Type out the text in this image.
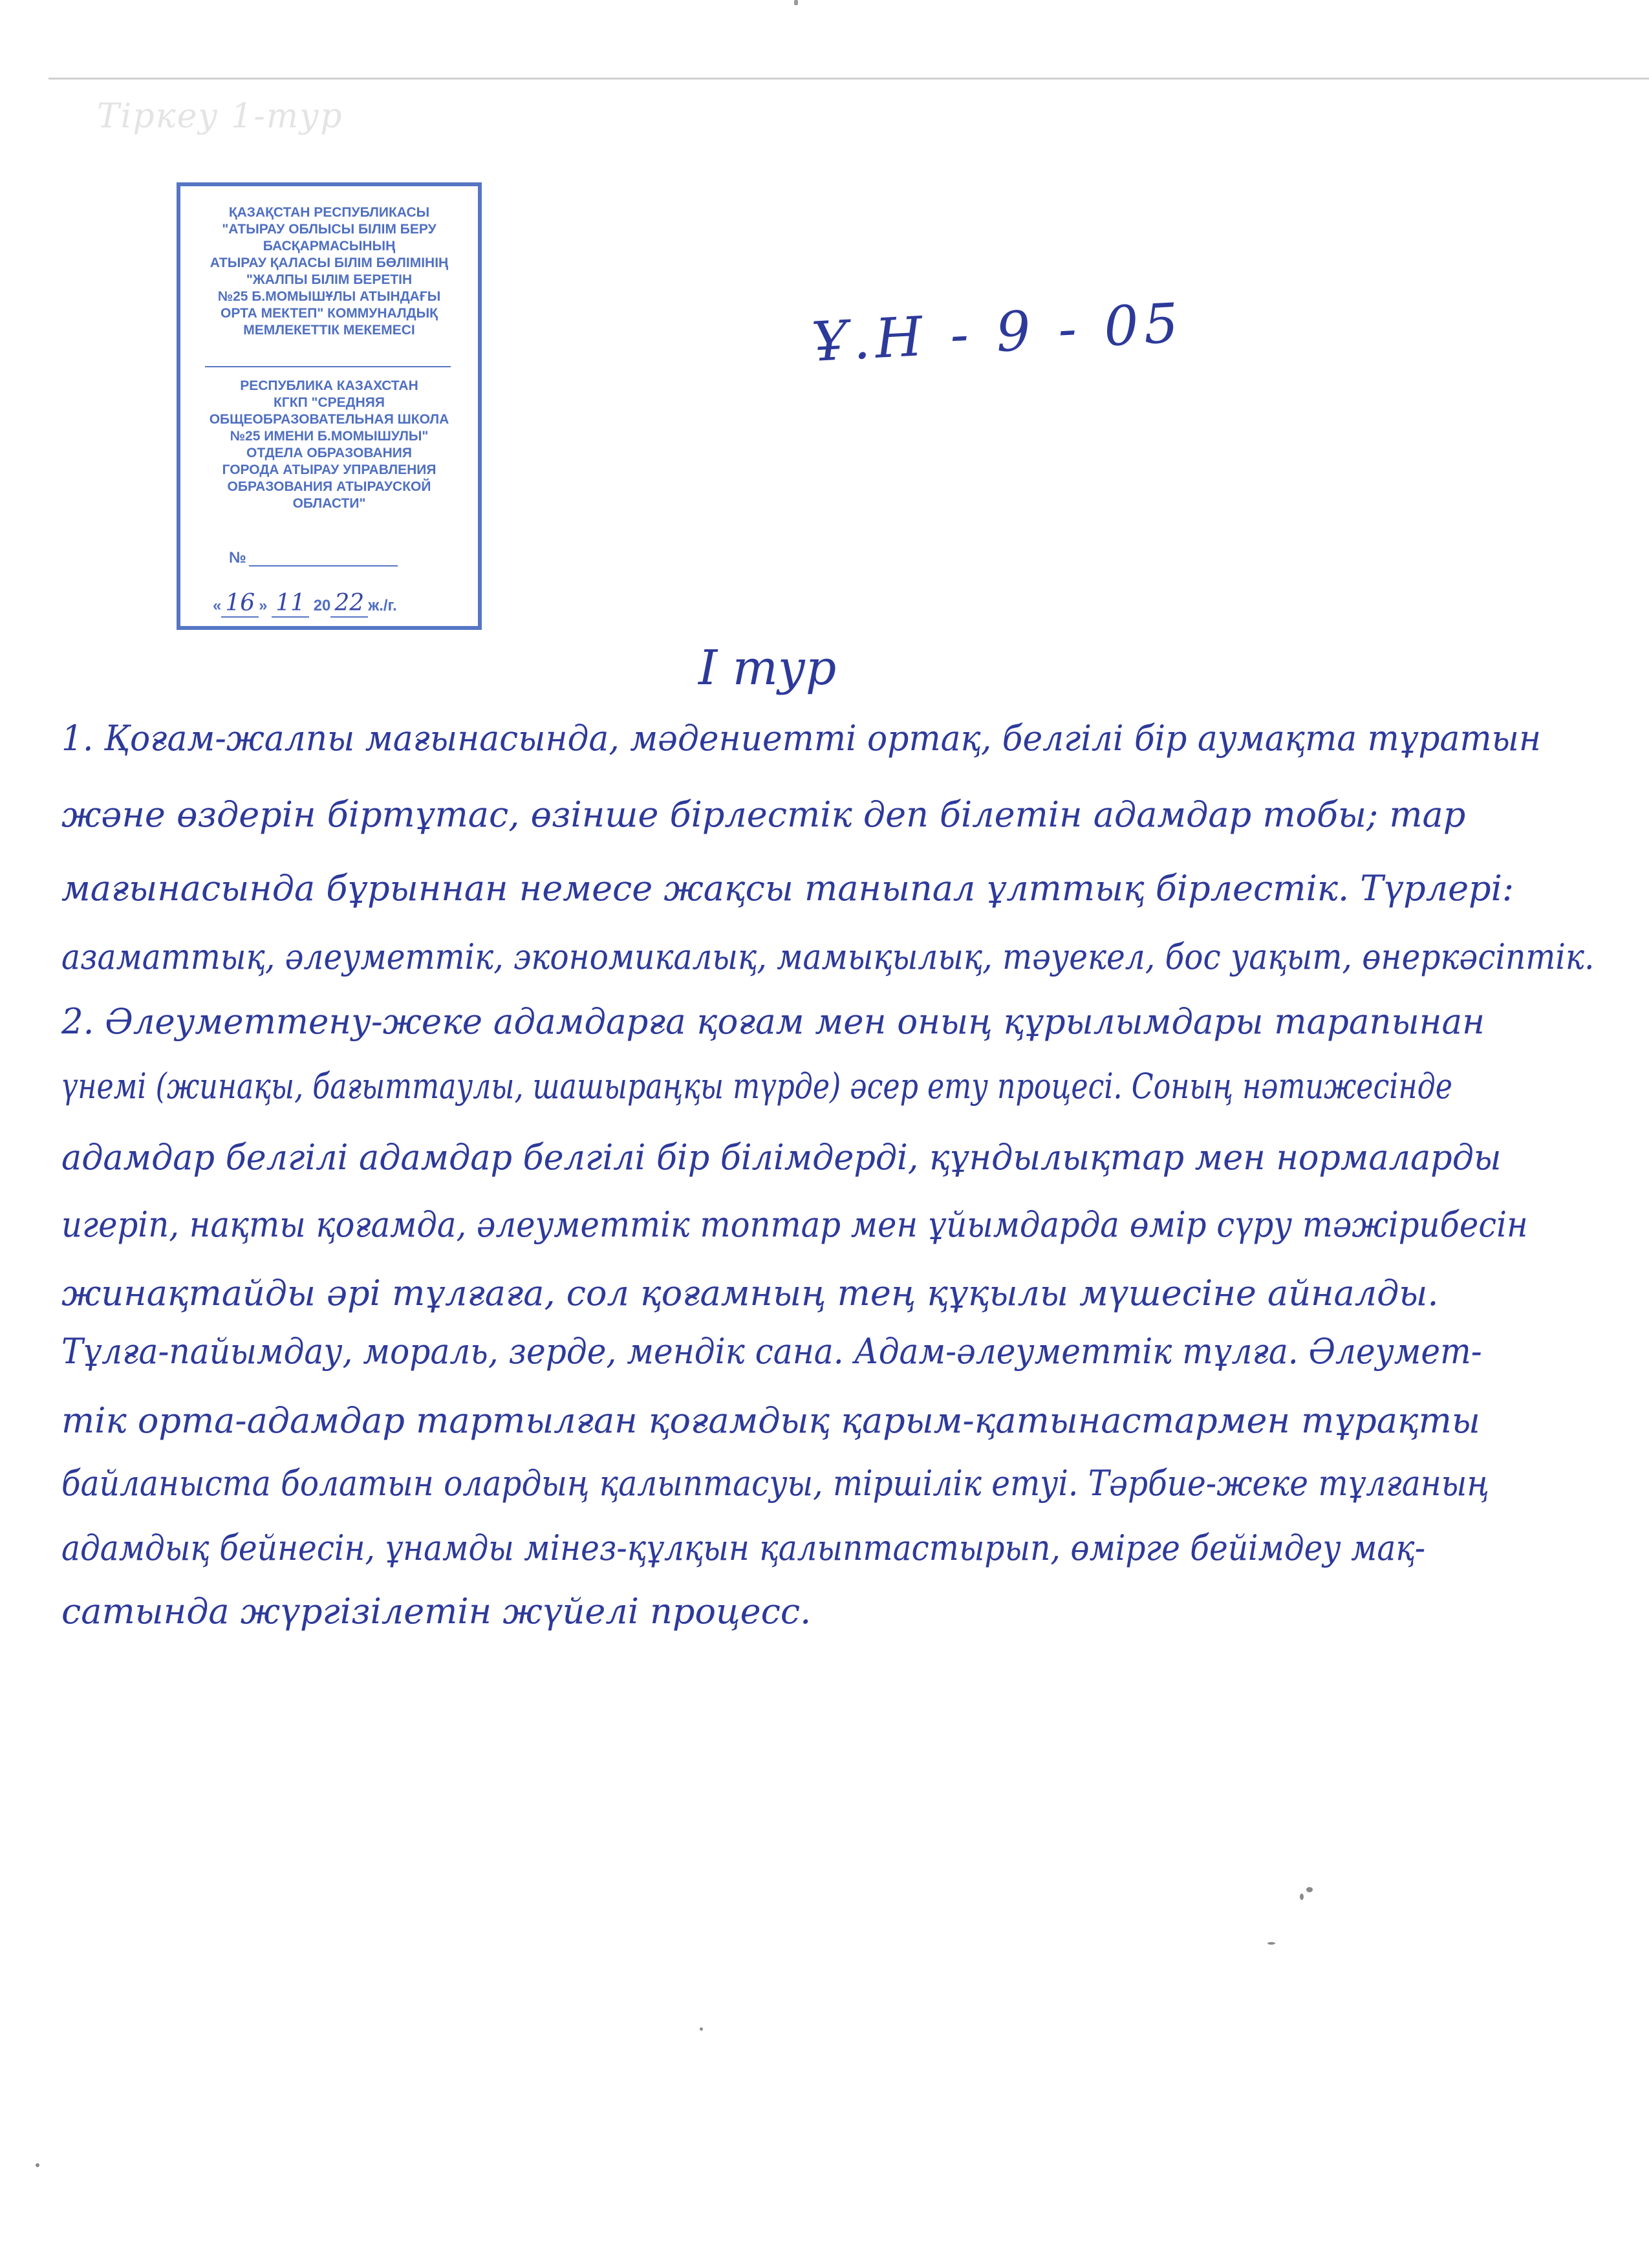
Тіркеу 1-тур
ҚАЗАҚСТАН РЕСПУБЛИКАСЫ
"АТЫРАУ ОБЛЫСЫ БІЛІМ БЕРУ
БАСҚАРМАСЫНЫҢ
АТЫРАУ ҚАЛАСЫ БІЛІМ БӨЛІМІНІҢ
"ЖАЛПЫ БІЛІМ БЕРЕТІН
№25 Б.МОМЫШҰЛЫ АТЫНДАҒЫ
ОРТА МЕКТЕП" КОММУНАЛДЫҚ
МЕМЛЕКЕТТІК МЕКЕМЕСІ
РЕСПУБЛИКА КАЗАХСТАН
КГКП "СРЕДНЯЯ
ОБЩЕОБРАЗОВАТЕЛЬНАЯ ШКОЛА
№25 ИМЕНИ Б.МОМЫШУЛЫ"
ОТДЕЛА ОБРАЗОВАНИЯ
ГОРОДА АТЫРАУ УПРАВЛЕНИЯ
ОБРАЗОВАНИЯ АТЫРАУСКОЙ
ОБЛАСТИ"
№
« 16 » 11 20 22 ж./г.
Ұ.Н - 9 - 05
I тур
1. Қоғам-жалпы мағынасында, мәдениетті ортақ, белгілі бір аумақта тұратын
және өздерін біртұтас, өзінше бірлестік деп білетін адамдар тобы; тар
мағынасында бұрыннан немесе жақсы таныпал ұлттық бірлестік. Түрлері:
азаматтық, әлеуметтік, экономикалық, мамықылық, тәуекел, бос уақыт, өнеркәсіптік.
2. Әлеуметтену-жеке адамдарға қоғам мен оның құрылымдары тарапынан
үнемі (жинақы, бағыттаулы, шашыраңқы түрде) әсер ету процесі. Соның нәтижесінде
адамдар белгілі адамдар белгілі бір білімдерді, құндылықтар мен нормаларды
игеріп, нақты қоғамда, әлеуметтік топтар мен ұйымдарда өмір сүру тәжірибесін
жинақтайды әрі тұлғаға, сол қоғамның тең құқылы мүшесіне айналды.
Тұлға-пайымдау, мораль, зерде, мендік сана. Адам-әлеуметтік тұлға. Әлеумет-
тік орта-адамдар тартылған қоғамдық қарым-қатынастармен тұрақты
байланыста болатын олардың қалыптасуы, тіршілік етуі. Тәрбие-жеке тұлғаның
адамдық бейнесін, ұнамды мінез-құлқын қалыптастырып, өмірге бейімдеу мақ-
сатында жүргізілетін жүйелі процесс.
